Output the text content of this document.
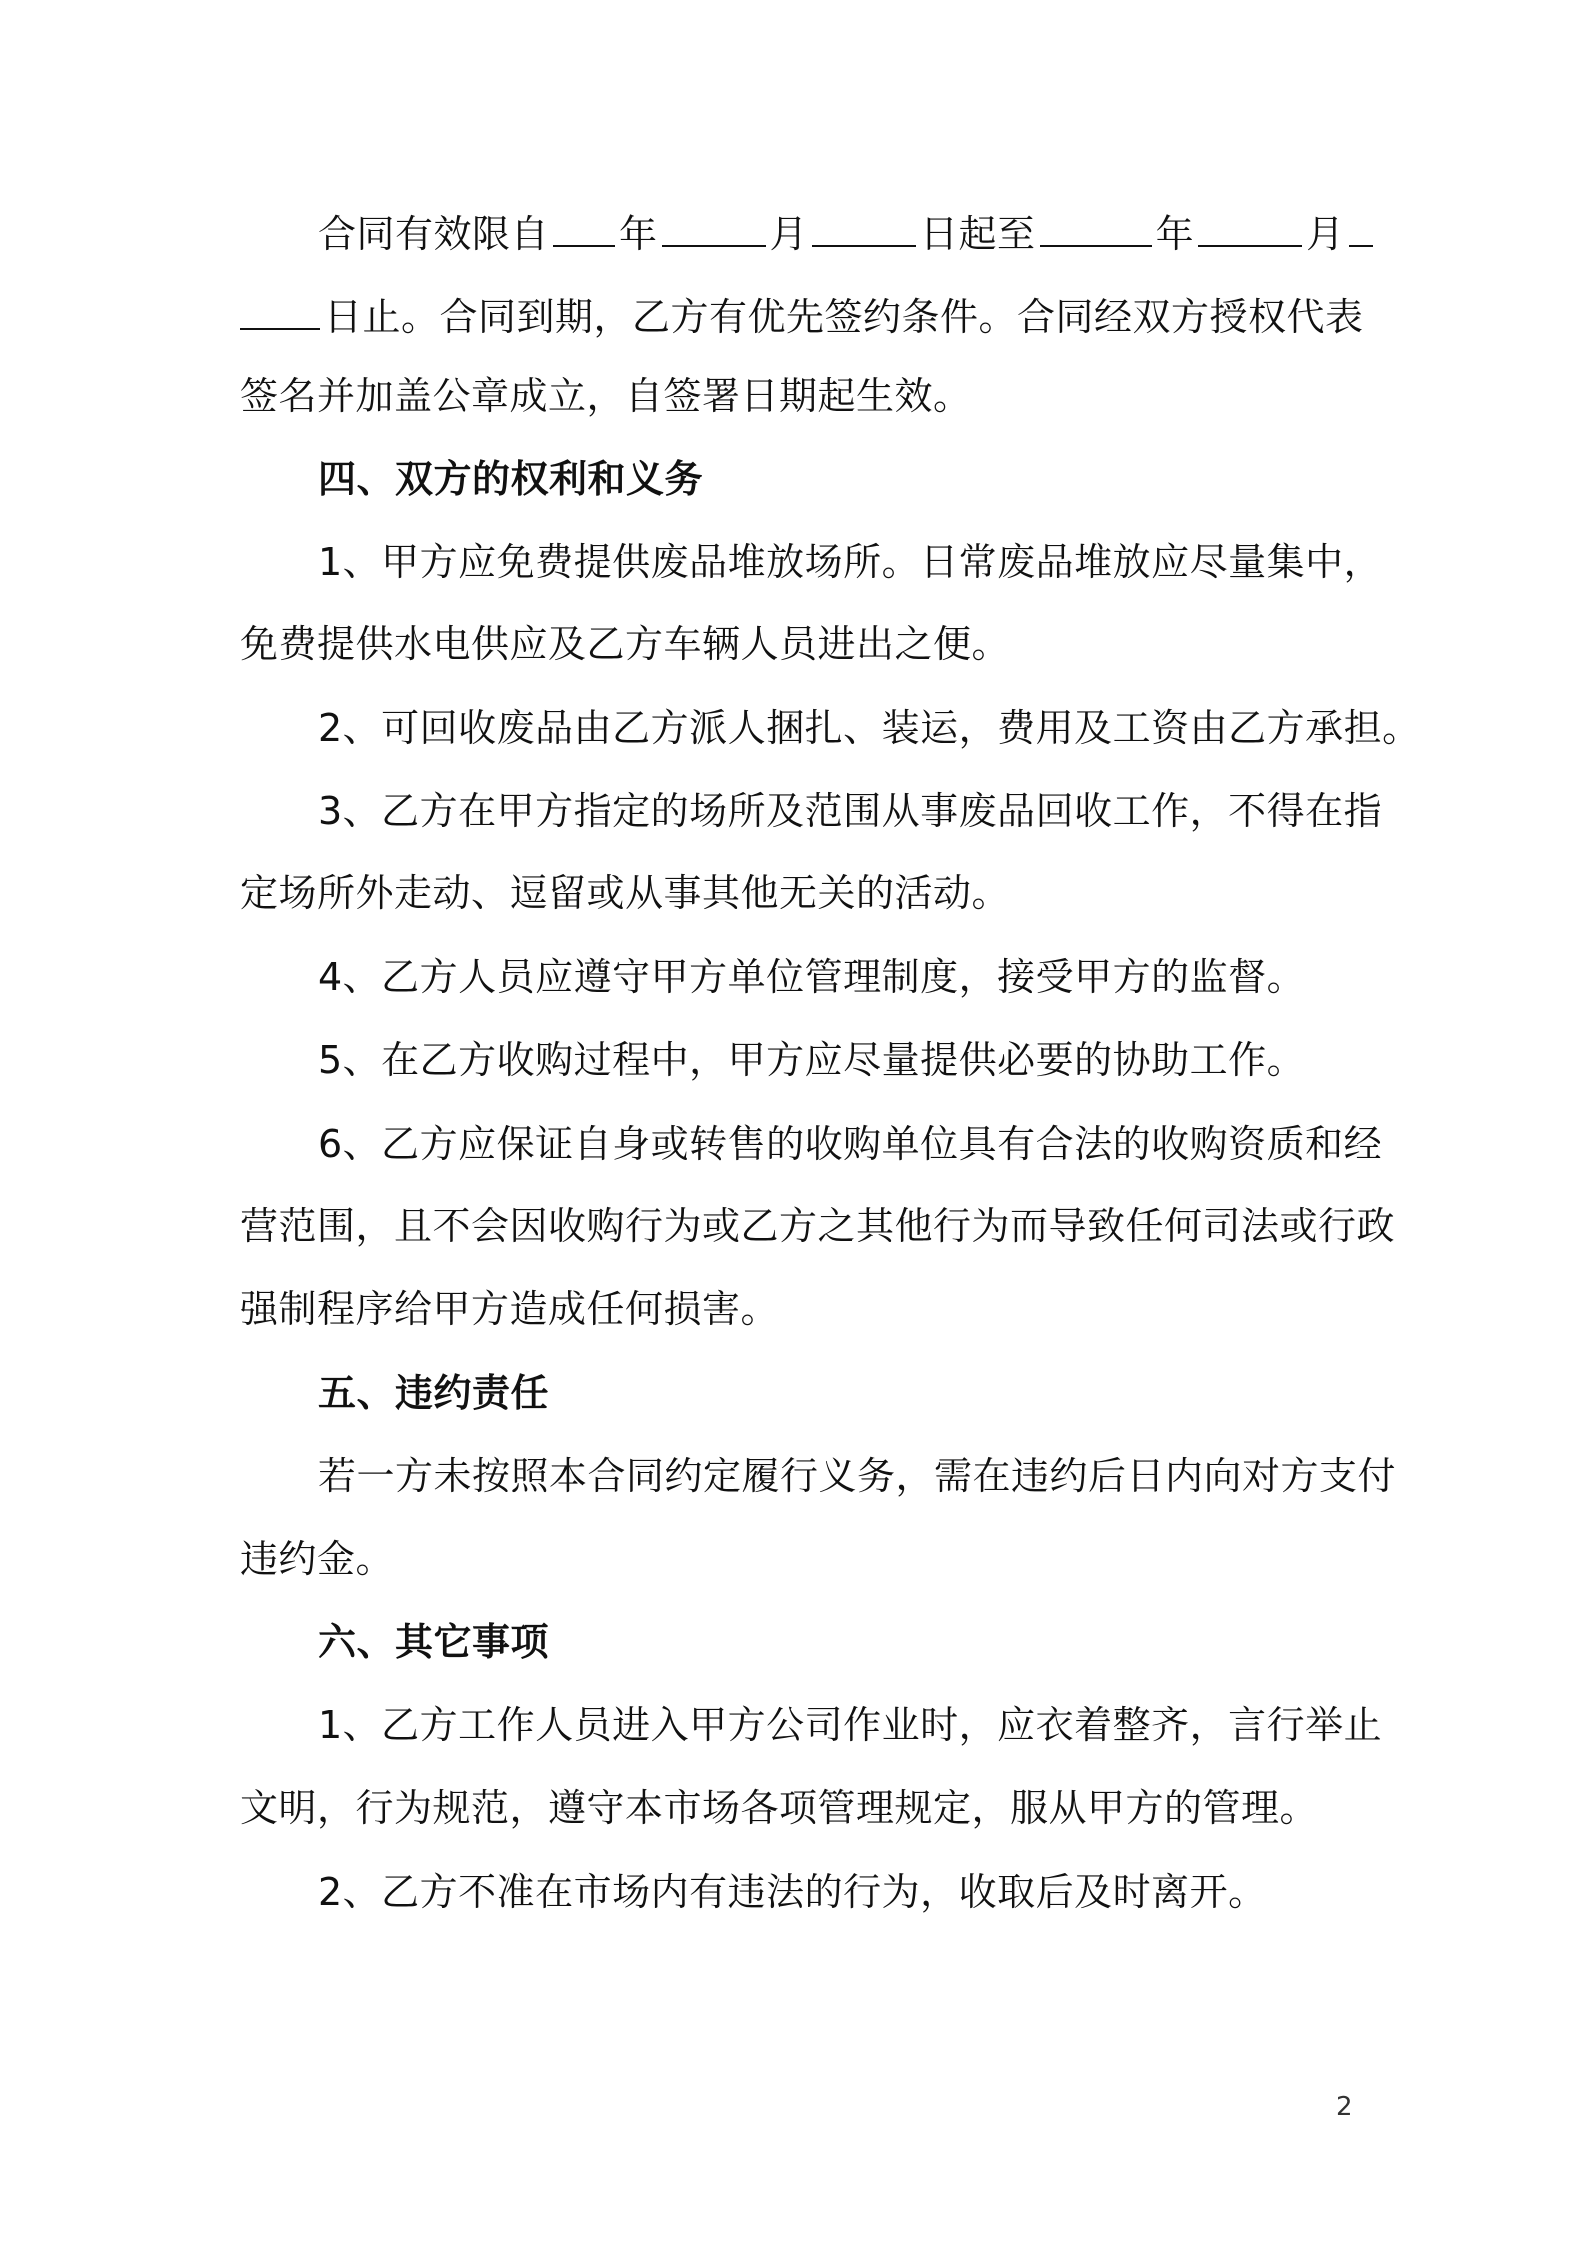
合同有效限自 年	月	日起至	年	月
日止。合同到期，乙方有优先签约条件。合同经双方授权代表
签名并加盖公章成立，自签署日期起生效。
四、双方的权利和义务
1、甲方应免费提供废品堆放场所。日常废品堆放应尽量集中，
免费提供水电供应及乙方车辆人员进出之便。
2、可回收废品由乙方派人捆扎、装运，费用及工资由乙方承担。
3、乙方在甲方指定的场所及范围从事废品回收工作，不得在指
定场所外走动、逗留或从事其他无关的活动。
4、乙方人员应遵守甲方单位管理制度，接受甲方的监督。
5、在乙方收购过程中，甲方应尽量提供必要的协助工作。
6、乙方应保证自身或转售的收购单位具有合法的收购资质和经
营范围，且不会因收购行为或乙方之其他行为而导致任何司法或行政
强制程序给甲方造成任何损害。
五、违约责任
若一方未按照本合同约定履行义务，需在违约后日内向对方支付
违约金。
六、其它事项
1、乙方工作人员进入甲方公司作业时，应衣着整齐，言行举止
文明，行为规范，遵守本市场各项管理规定，服从甲方的管理。
2、乙方不准在市场内有违法的行为，收取后及时离开。
2
